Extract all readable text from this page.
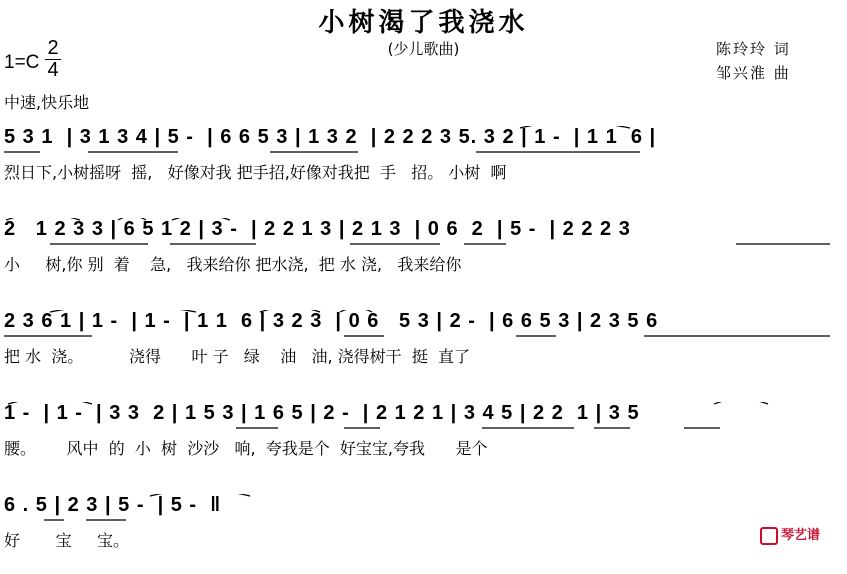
小树渴了我浇水
(少儿歌曲)
1=C
2
4
中速,快乐地
陈玲玲 词
邹兴淮 曲
5 3 1  | 3 1 3 4 | 5 -  | 6 6 5 3 | 1 3 2  | 2 2 2 3 5. 3 2 | 1 -  | 1 1  6 |
烈日下,小树摇呀  摇,   好像对我 把手招,好像对我把  手   招。 小树  啊
2   1 2 3 3 | 6 5 1 2 | 3 -  | 2 2 1 3 | 2 1 3  | 0 6  2  | 5 -  | 2 2 2 3
小     树,你 别  着    急,   我来给你 把水浇,  把 水 浇,   我来给你
2 3 6 1 | 1 -  | 1 -  | 1 1  6 | 3 2 3  | 0 6   5 3 | 2 -  | 6 6 5 3 | 2 3 5 6
把 水  浇。         浇得      叶 子   绿    油   油, 浇得树干  挺  直了
1 -  | 1 -  | 3 3  2 | 1 5 3 | 1 6 5 | 2 -  | 2 1 2 1 | 3 4 5 | 2 2  1 | 3 5
腰。      风中  的  小  树  沙沙   响,  夸我是个  好宝宝,夸我      是个
6 . 5 | 2 3 | 5 -  | 5 -  ‖
好       宝     宝。	琴艺谱
